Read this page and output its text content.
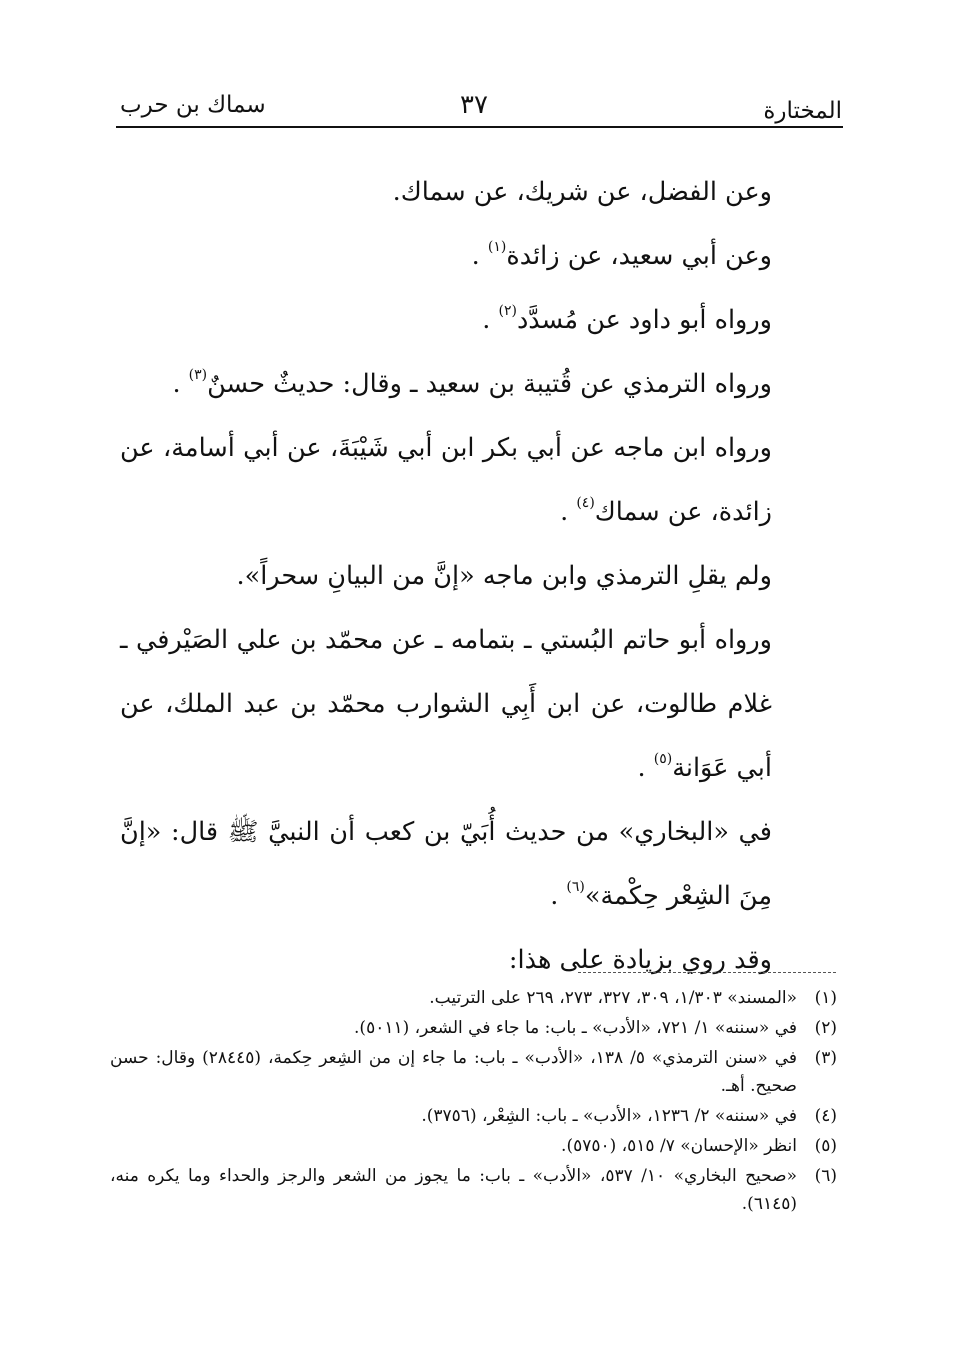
المختارة
٣٧
سماك بن حرب

وعن الفضل، عن شريك، عن سماك.

وعن أبي سعيد، عن زائدة$^{(١)}$ .

ورواه أبو داود عن مُسدَّد$^{(٢)}$ .

ورواه الترمذي عن قُتيبة بن سعيد ـ وقال: حديثٌ حسنٌ$^{(٣)}$ .

ورواه ابن ماجه عن أبي بكر ابن أبي شَيْبَةَ، عن أبي أسامة، عن زائدة، عن سماك$^{(٤)}$ .

ولم يقلِ الترمذي وابن ماجه «إنَّ من البيانِ سحراً».

ورواه أبو حاتم البُستي ـ بتمامه ـ عن محمّد بن علي الصَيْرفي ـ غلام طالوت، عن ابن أَبِي الشوارب محمّد بن عبد الملك، عن أبي عَوَانة$^{(٥)}$ .

في «البخاري» من حديث أُبَيّ بن كعب أن النبيَّ ﷺ قال: «إنَّ مِنَ الشِعْر حِكْمة»$^{(٦)}$ .

وقد روي بزيادة على هذا:

(١)
«المسند» ١/٣٠٣، ٣٠٩، ٣٢٧، ٢٧٣، ٢٦٩ على الترتيب.
(٢)
في «سننه» ١/ ٧٢١، «الأدب» ـ باب: ما جاء في الشعر، (٥٠١١).
(٣)
في «سنن الترمذي» ٥/ ١٣٨، «الأدب» ـ باب: ما جاء إن من الشِعر حِكمة، (٢٨٤٤٥) وقال: حسن صحيح. أهـ.
(٤)
في «سننه» ٢/ ١٢٣٦، «الأدب» ـ باب: الشِعْر، (٣٧٥٦).
(٥)
انظر «الإحسان» ٧/ ٥١٥، (٥٧٥٠).
(٦)
«صحيح البخاري» ١٠/ ٥٣٧، «الأدب» ـ باب: ما يجوز من الشعر والرجز والحداء وما يكره منه، (٦١٤٥).
